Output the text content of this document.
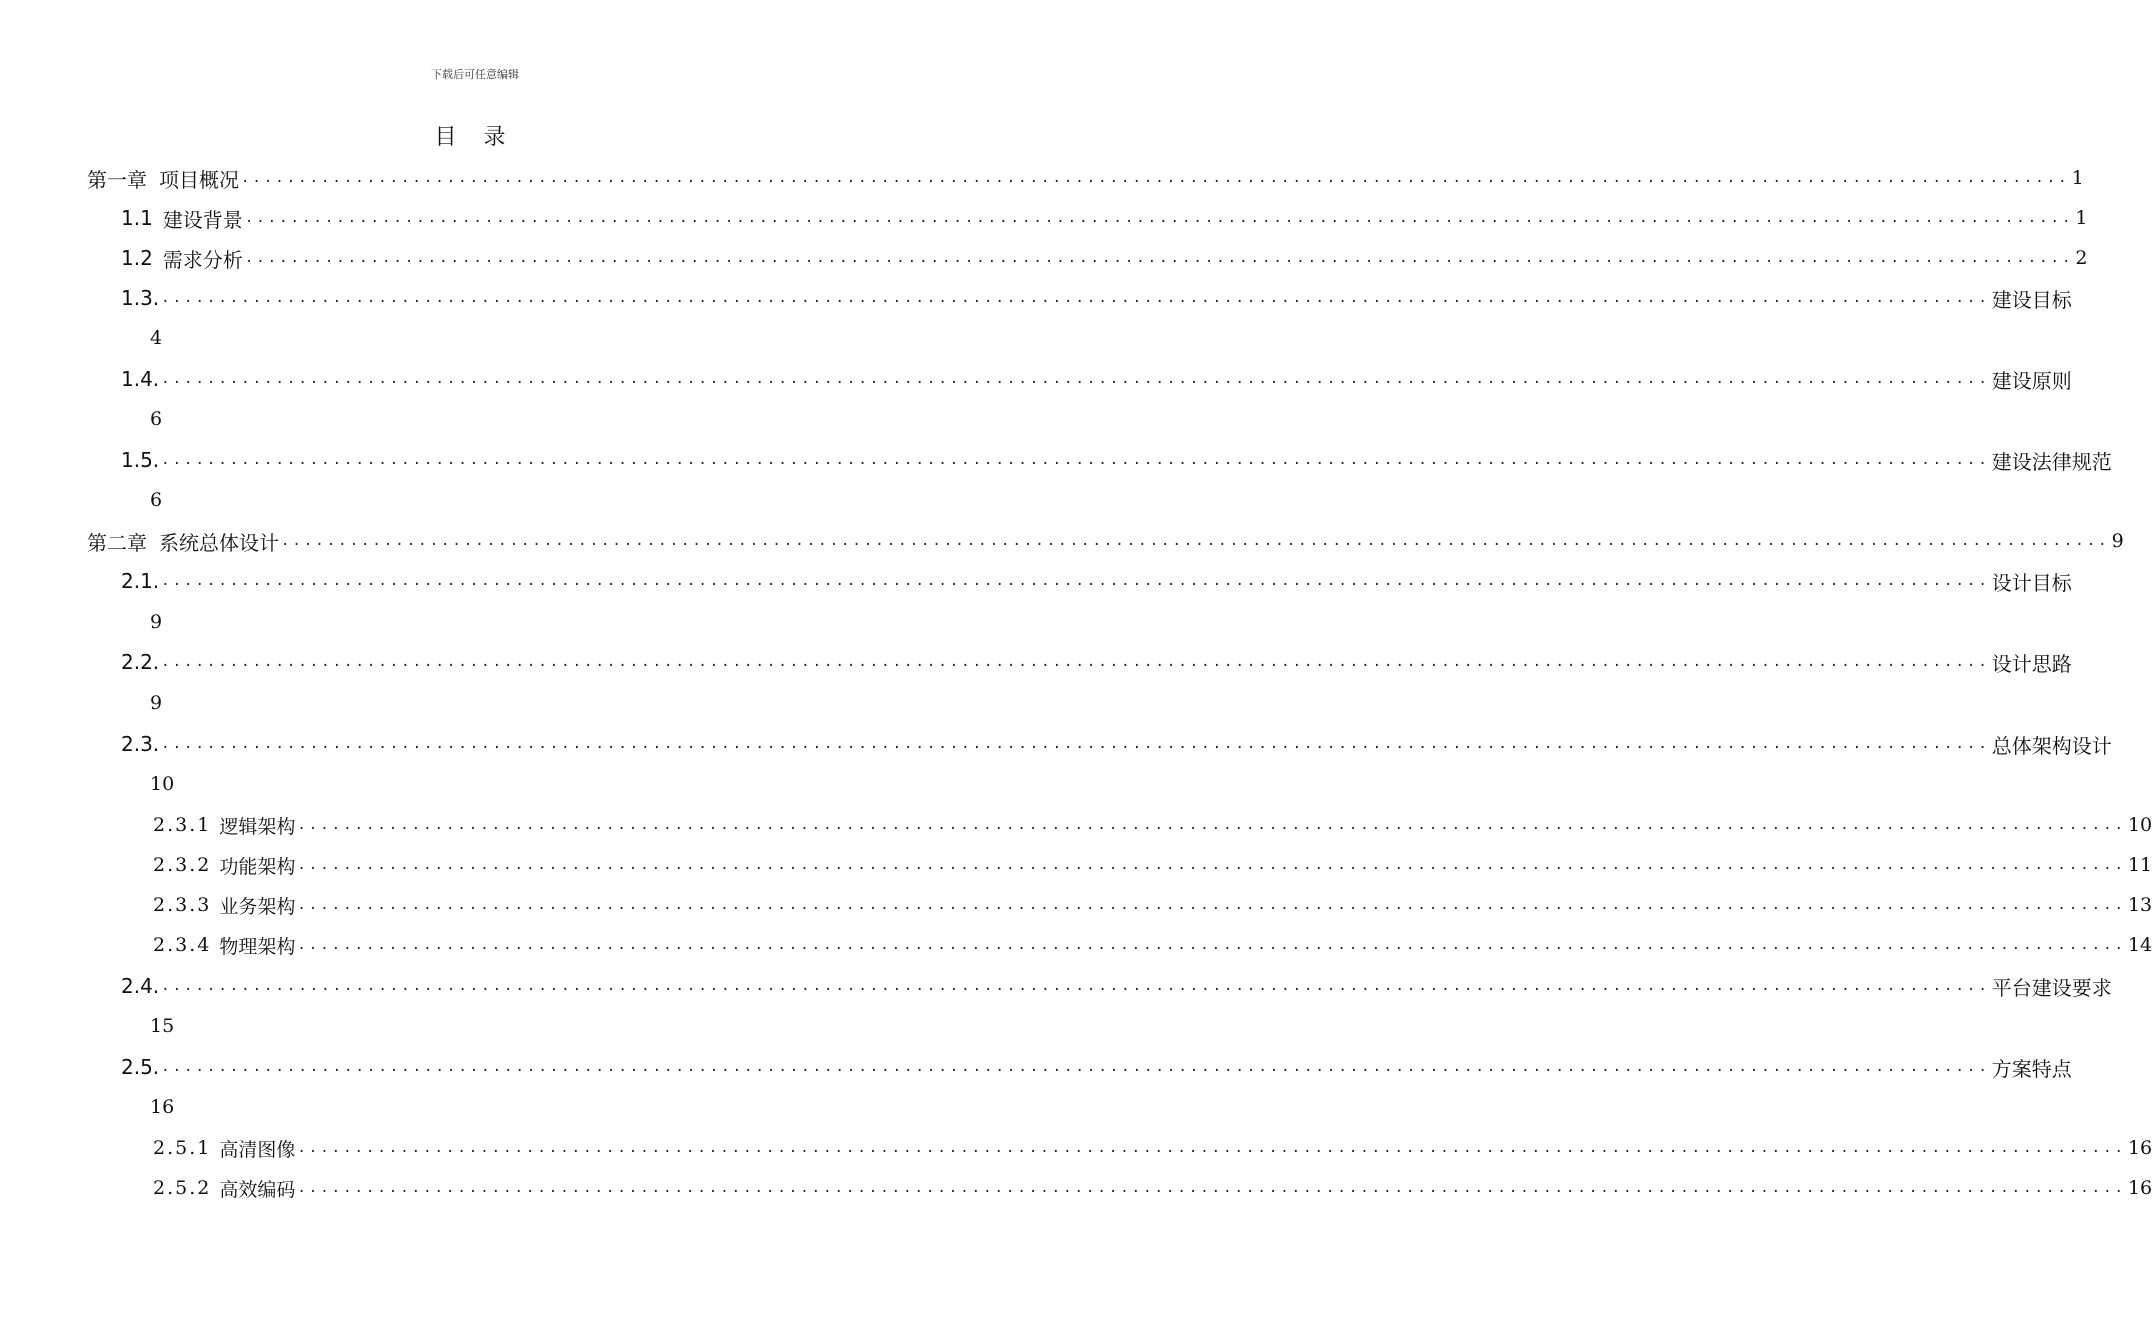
下载后可任意编辑
目 录
第一章 项目概况 ................................................................................................................................................................ 1
1.1 建设背景 ................................................................................................................................................................ 1
1.2 需求分析 ................................................................................................................................................................ 2
1.3. ................................................................................................................................................................ 建设目标
4
1.4. ................................................................................................................................................................ 建设原则
6
1.5. ................................................................................................................................................................ 建设法律规范
6
第二章 系统总体设计 ................................................................................................................................................................ 9
2.1. ................................................................................................................................................................ 设计目标
9
2.2. ................................................................................................................................................................ 设计思路
9
2.3. ................................................................................................................................................................ 总体架构设计
10
2.3.1 逻辑架构 ................................................................................................................................................................ 10
2.3.2 功能架构 ................................................................................................................................................................ 11
2.3.3 业务架构 ................................................................................................................................................................ 13
2.3.4 物理架构 ................................................................................................................................................................ 14
2.4. ................................................................................................................................................................ 平台建设要求
15
2.5. ................................................................................................................................................................ 方案特点
16
2.5.1 高清图像 ................................................................................................................................................................ 16
2.5.2 高效编码 ................................................................................................................................................................ 16
